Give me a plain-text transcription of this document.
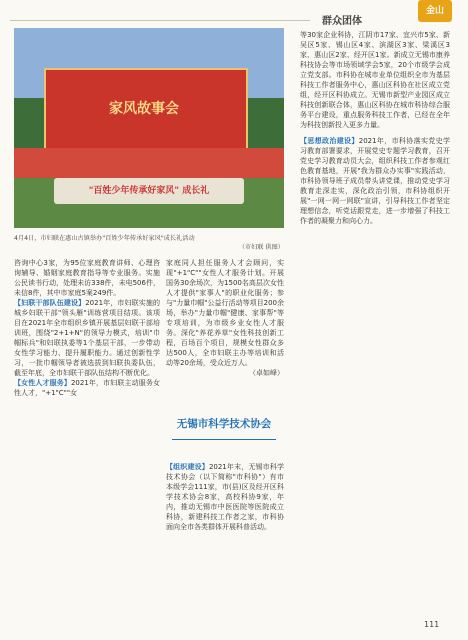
群众团体
金山
家风故事会
"百姓少年传承好家风" 成长礼
4月4日，市妇联在惠山古镇举办"百姓少年传承好家风"成长礼活动
（市妇联 供图）

咨询中心3家，为95位家庭教育讲师、心理咨询辅导、婚姻家庭教育指导等专业服务。实施公民读书行动，处理未访338件，未电506件，未信8件，其中市家庭5案249件。

【妇联干部队伍建设】2021年，市妇联实施的城乡妇联干部"领头雁"训练营项目结项。该项目在2021年全市组织乡镇开展基层妇联干部培训班，围绕"2+1+N"的领导力模式，培训"巾帼标兵"和妇联执委等1个基层干部，一步带动女性学习能力、提升履职能力。通过创新性学习，一批巾帼领导者被选拔到妇联执委队伍，截至年底，全市妇联干部队伍结构不断优化。

【女性人才服务】2021年，市妇联主动服务女性人才，"+1"C""女

家庭同人担任服务人才会顾问，实现"+1"C""女性人才服务计划。开展国务30余场次，为1500名高层次女性人才提供"家事人"的职业化服务；参与"力量巾帼"公益行活动等项目200余场，举办"力量巾帼"健康、家事帮"等专项培训，为市级乡业女性人才服务。深化"养花养草"女性科技创新工程，百场百个项目，规模女性群众多达500人，全市妇联主办等培训和活动等20余场，受众近万人。

（卓如峰）

无锡市科学技术协会

【组织建设】2021年末，无锡市科学技术协会（以下简称"市科协"）有市本级学会111家，市(县)区及经开区科学技术协会8家，高校科协9家，年内，推动无锡市中医医院等医院成立科协，新建科技工作者之家，市科协面向全市各类群体开展科普活动。

等30家企业科协，江阴市17家、宜兴市5家、新吴区5家、锡山区4家、滨湖区3家、梁溪区3家、惠山区2家、经开区1家。新成立无锡市康养科技协会等市场领域学会5家，20个市级学会成立党支部。市科协在城市业单位组织全市为基层科技工作者服务中心，惠山区科协在社区成立党组，经开区科协成立。无锡市新型产业园区成立科技创新联合体，惠山区科协在城市科协综合服务平台建设，重点服务科技工作者，已经在全年为科技创新投入更多力量。

【思想政治建设】2021年，市科协落实党史学习教育部署要求，开展党史专题学习教育，召开党史学习教育动员大会，组织科技工作者参观红色教育基地，开展"我为群众办实事"实践活动，市科协领导班子成员带头讲党课，推动党史学习教育走深走实，深化政治引领，市科协组织开展"一网一网一网联"宣讲，引导科技工作者坚定理想信念，听党话跟党走，进一步增强了科技工作者的凝聚力和向心力。

111
